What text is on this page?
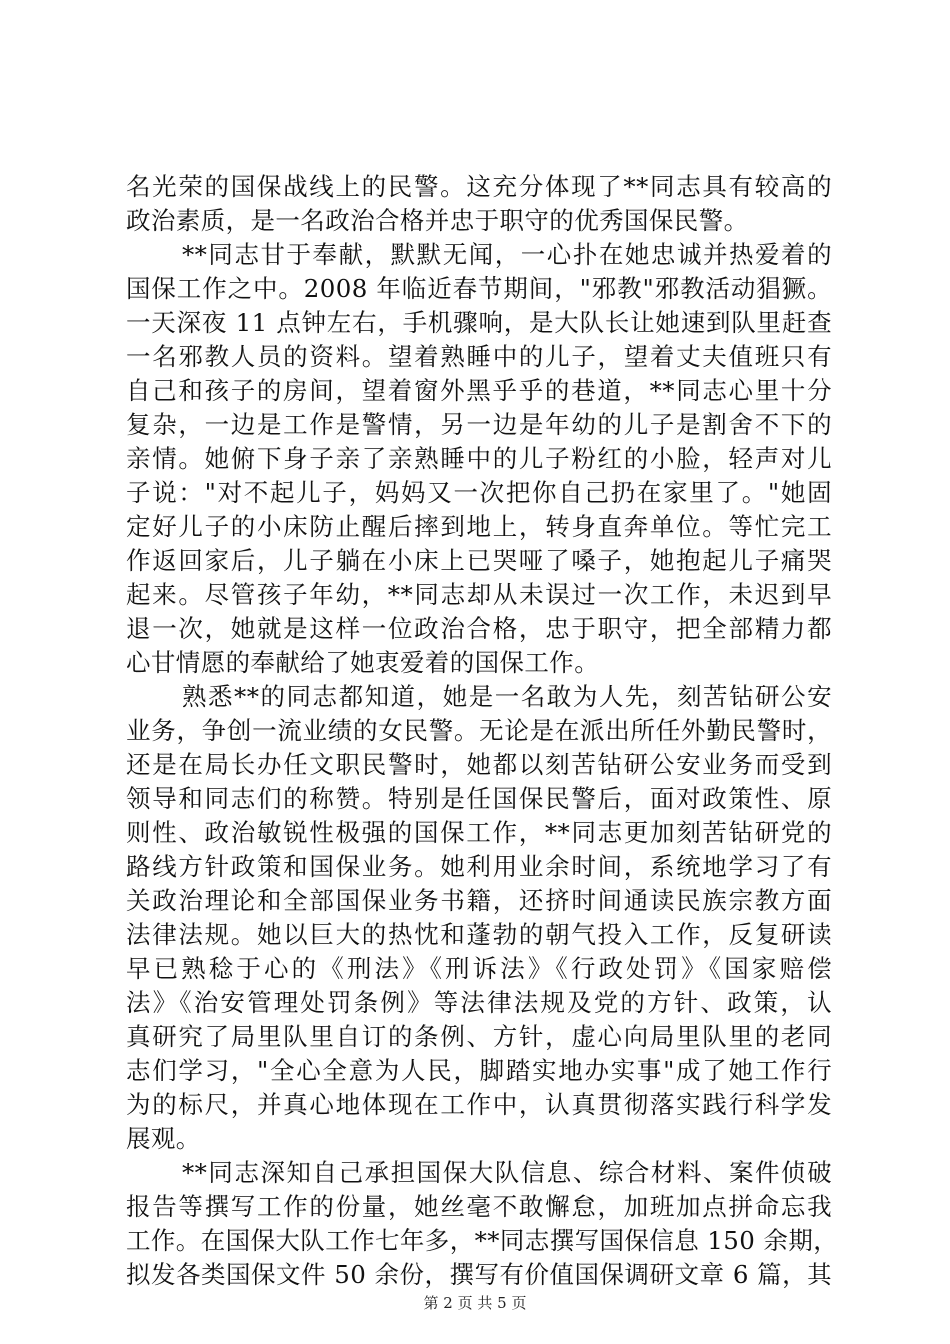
名光荣的国保战线上的民警。这充分体现了**同志具有较高的
政治素质，是一名政治合格并忠于职守的优秀国保民警。
**同志甘于奉献，默默无闻，一心扑在她忠诚并热爱着的
国保工作之中。2008 年临近春节期间，"邪教"邪教活动猖獗。
一天深夜 11 点钟左右，手机骤响，是大队长让她速到队里赶查
一名邪教人员的资料。望着熟睡中的儿子，望着丈夫值班只有
自己和孩子的房间，望着窗外黑乎乎的巷道，**同志心里十分
复杂，一边是工作是警情，另一边是年幼的儿子是割舍不下的
亲情。她俯下身子亲了亲熟睡中的儿子粉红的小脸，轻声对儿
子说："对不起儿子，妈妈又一次把你自己扔在家里了。"她固
定好儿子的小床防止醒后摔到地上，转身直奔单位。等忙完工
作返回家后，儿子躺在小床上已哭哑了嗓子，她抱起儿子痛哭
起来。尽管孩子年幼，**同志却从未误过一次工作，未迟到早
退一次，她就是这样一位政治合格，忠于职守，把全部精力都
心甘情愿的奉献给了她衷爱着的国保工作。
熟悉**的同志都知道，她是一名敢为人先，刻苦钻研公安
业务，争创一流业绩的女民警。无论是在派出所任外勤民警时，
还是在局长办任文职民警时，她都以刻苦钻研公安业务而受到
领导和同志们的称赞。特别是任国保民警后，面对政策性、原
则性、政治敏锐性极强的国保工作，**同志更加刻苦钻研党的
路线方针政策和国保业务。她利用业余时间，系统地学习了有
关政治理论和全部国保业务书籍，还挤时间通读民族宗教方面
法律法规。她以巨大的热忱和蓬勃的朝气投入工作，反复研读
早已熟稔于心的《刑法》《刑诉法》《行政处罚》《国家赔偿
法》《治安管理处罚条例》等法律法规及党的方针、政策，认
真研究了局里队里自订的条例、方针，虚心向局里队里的老同
志们学习，"全心全意为人民，脚踏实地办实事"成了她工作行
为的标尺，并真心地体现在工作中，认真贯彻落实践行科学发
展观。
**同志深知自己承担国保大队信息、综合材料、案件侦破
报告等撰写工作的份量，她丝毫不敢懈怠，加班加点拼命忘我
工作。在国保大队工作七年多，**同志撰写国保信息 150 余期，
拟发各类国保文件 50 余份，撰写有价值国保调研文章 6 篇，其
第 2 页 共 5 页
